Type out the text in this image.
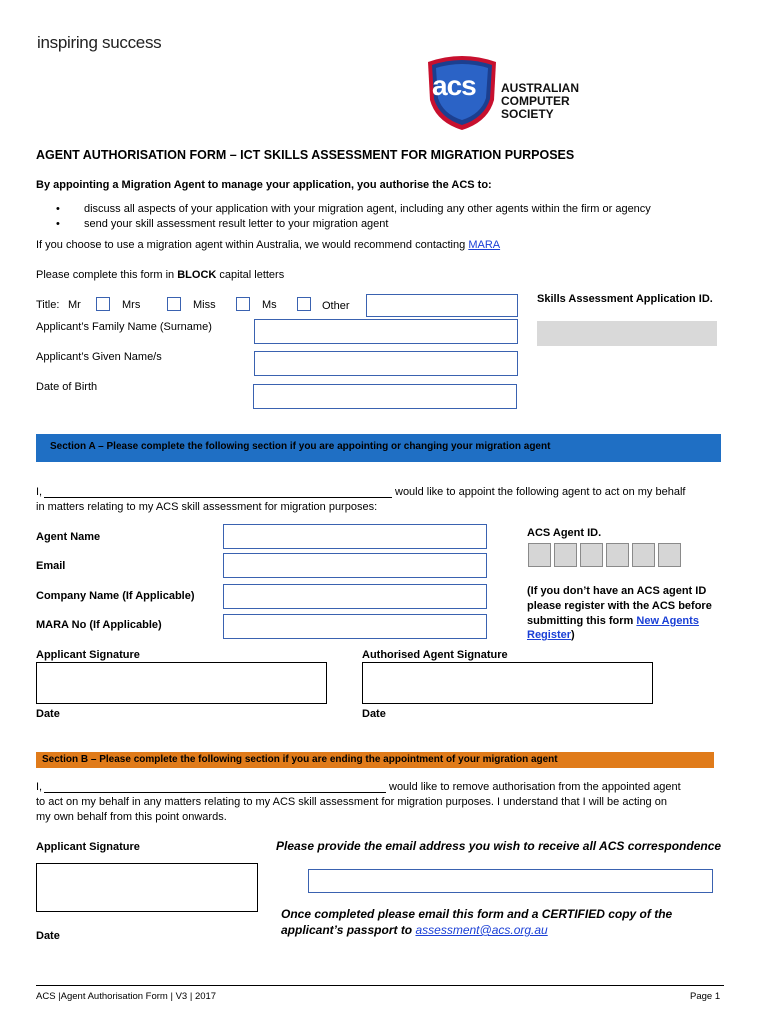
inspiring success
acs AUSTRALIAN
COMPUTER
SOCIETY
AGENT AUTHORISATION FORM – ICT SKILLS ASSESSMENT FOR MIGRATION PURPOSES
By appointing a Migration Agent to manage your application, you authorise the ACS to:
• discuss all aspects of your application with your migration agent, including any other agents within the firm or agency
• send your skill assessment result letter to your migration agent
If you choose to use a migration agent within Australia, we would recommend contacting MARA
Please complete this form in BLOCK capital letters
Title: Mr	Mrs	Miss	Ms	Other
Skills Assessment Application ID.
Applicant’s Family Name (Surname)
Applicant’s Given Name/s
Date of Birth
Section A – Please complete the following section if you are appointing or changing your migration agent
I,	would like to appoint the following agent to act on my behalf
in matters relating to my ACS skill assessment for migration purposes:
Agent Name
Email
Company Name (If Applicable)
MARA No (If Applicable)
ACS Agent ID.
(If you don’t have an ACS agent ID
please register with the ACS before
submitting this form New Agents
Register)
Applicant Signature	Authorised Agent Signature
Date	Date
Section B – Please complete the following section if you are ending the appointment of your migration agent
I,	would like to remove authorisation from the appointed agent
to act on my behalf in any matters relating to my ACS skill assessment for migration purposes. I understand that I will be acting on
my own behalf from this point onwards.
Applicant Signature
Date
Please provide the email address you wish to receive all ACS correspondence
Once completed please email this form and a CERTIFIED copy of the
applicant’s passport to assessment@acs.org.au
ACS |Agent Authorisation Form | V3 | 2017	Page 1
